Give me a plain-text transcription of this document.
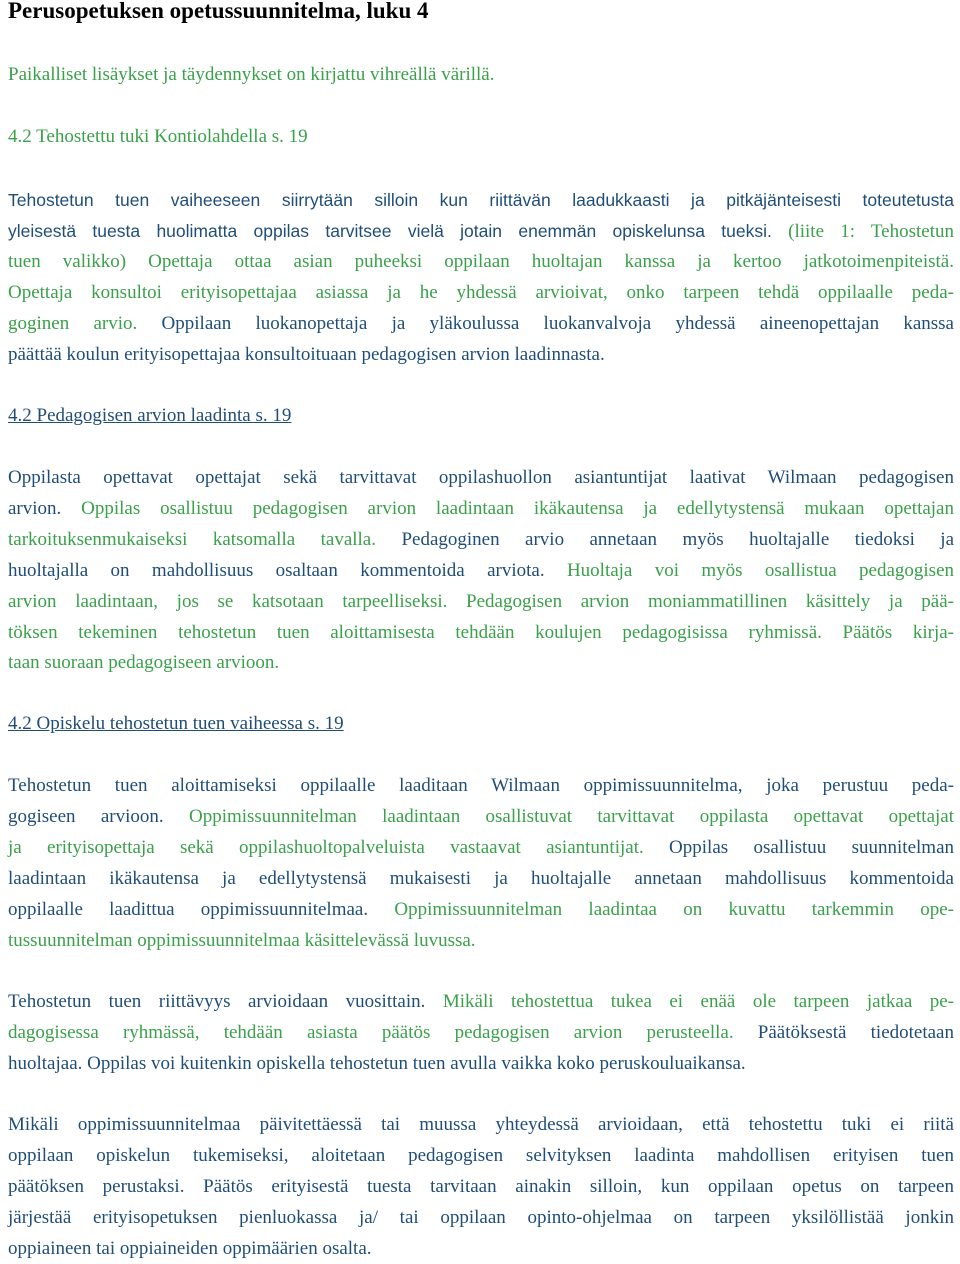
Perusopetuksen opetussuunnitelma, luku 4

Paikalliset lisäykset ja täydennykset on kirjattu vihreällä värillä.

4.2 Tehostettu tuki Kontiolahdella s. 19

Tehostetun tuen vaiheeseen siirrytään silloin kun riittävän laadukkaasti ja pitkäjänteisesti toteutetusta

yleisestä tuesta huolimatta oppilas tarvitsee vielä jotain enemmän opiskelunsa tueksi. (liite 1: Tehostetun

tuen valikko) Opettaja ottaa asian puheeksi oppilaan huoltajan kanssa ja kertoo jatkotoimenpiteistä.

Opettaja konsultoi erityisopettajaa asiassa ja he yhdessä arvioivat, onko tarpeen tehdä oppilaalle peda-

goginen arvio. Oppilaan luokanopettaja ja yläkoulussa luokanvalvoja yhdessä aineenopettajan kanssa

päättää koulun erityisopettajaa konsultoituaan pedagogisen arvion laadinnasta.

4.2 Pedagogisen arvion laadinta s. 19

Oppilasta opettavat opettajat sekä tarvittavat oppilashuollon asiantuntijat laativat Wilmaan pedagogisen

arvion. Oppilas osallistuu pedagogisen arvion laadintaan ikäkautensa ja edellytystensä mukaan opettajan

tarkoituksenmukaiseksi katsomalla tavalla. Pedagoginen arvio annetaan myös huoltajalle tiedoksi ja

huoltajalla on mahdollisuus osaltaan kommentoida arviota. Huoltaja voi myös osallistua pedagogisen

arvion laadintaan, jos se katsotaan tarpeelliseksi. Pedagogisen arvion moniammatillinen käsittely ja pää-

töksen tekeminen tehostetun tuen aloittamisesta tehdään koulujen pedagogisissa ryhmissä. Päätös kirja-

taan suoraan pedagogiseen arvioon.

4.2 Opiskelu tehostetun tuen vaiheessa s. 19

Tehostetun tuen aloittamiseksi oppilaalle laaditaan Wilmaan oppimissuunnitelma, joka perustuu peda-

gogiseen arvioon. Oppimissuunnitelman laadintaan osallistuvat tarvittavat oppilasta opettavat opettajat

ja erityisopettaja sekä oppilashuoltopalveluista vastaavat asiantuntijat. Oppilas osallistuu suunnitelman

laadintaan ikäkautensa ja edellytystensä mukaisesti ja huoltajalle annetaan mahdollisuus kommentoida

oppilaalle laadittua oppimissuunnitelmaa. Oppimissuunnitelman laadintaa on kuvattu tarkemmin ope-

tussuunnitelman oppimissuunnitelmaa käsittelevässä luvussa.

Tehostetun tuen riittävyys arvioidaan vuosittain. Mikäli tehostettua tukea ei enää ole tarpeen jatkaa pe-

dagogisessa ryhmässä, tehdään asiasta päätös pedagogisen arvion perusteella. Päätöksestä tiedotetaan

huoltajaa. Oppilas voi kuitenkin opiskella tehostetun tuen avulla vaikka koko peruskouluaikansa.

Mikäli oppimissuunnitelmaa päivitettäessä tai muussa yhteydessä arvioidaan, että tehostettu tuki ei riitä

oppilaan opiskelun tukemiseksi, aloitetaan pedagogisen selvityksen laadinta mahdollisen erityisen tuen

päätöksen perustaksi. Päätös erityisestä tuesta tarvitaan ainakin silloin, kun oppilaan opetus on tarpeen

järjestää erityisopetuksen pienluokassa ja/ tai oppilaan opinto-ohjelmaa on tarpeen yksilöllistää jonkin

oppiaineen tai oppiaineiden oppimäärien osalta.
